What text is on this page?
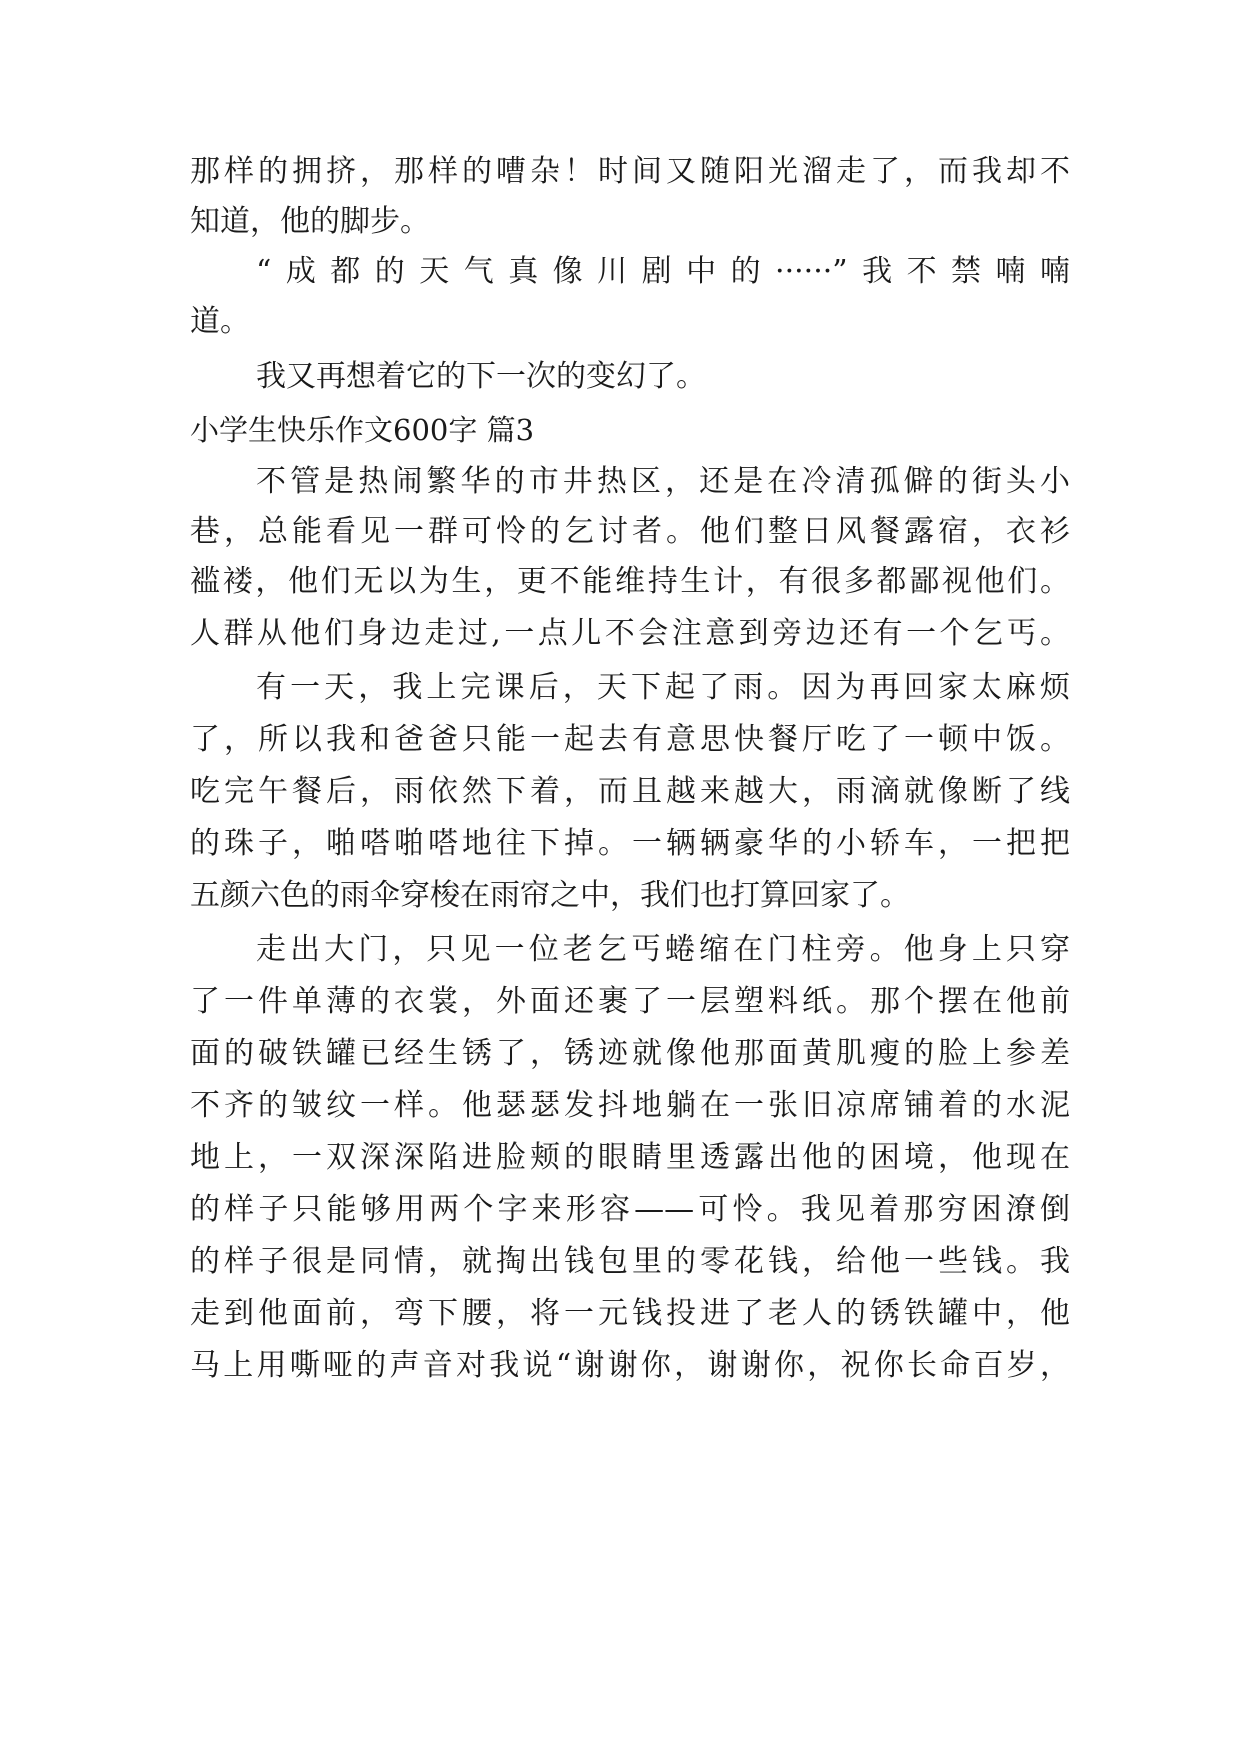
那样的拥挤，那样的嘈杂！时间又随阳光溜走了，而我却不
知道，他的脚步。
“成都的天气真像川剧中的······”我不禁喃喃
道。
我又再想着它的下一次的变幻了。
小学生快乐作文600字 篇3
不管是热闹繁华的市井热区，还是在冷清孤僻的街头小
巷，总能看见一群可怜的乞讨者。他们整日风餐露宿，衣衫
褴褛，他们无以为生，更不能维持生计，有很多都鄙视他们。
人群从他们身边走过,一点儿不会注意到旁边还有一个乞丐。
有一天，我上完课后，天下起了雨。因为再回家太麻烦
了，所以我和爸爸只能一起去有意思快餐厅吃了一顿中饭。
吃完午餐后，雨依然下着，而且越来越大，雨滴就像断了线
的珠子，啪嗒啪嗒地往下掉。一辆辆豪华的小轿车，一把把
五颜六色的雨伞穿梭在雨帘之中，我们也打算回家了。
走出大门，只见一位老乞丐蜷缩在门柱旁。他身上只穿
了一件单薄的衣裳，外面还裹了一层塑料纸。那个摆在他前
面的破铁罐已经生锈了，锈迹就像他那面黄肌瘦的脸上参差
不齐的皱纹一样。他瑟瑟发抖地躺在一张旧凉席铺着的水泥
地上，一双深深陷进脸颊的眼睛里透露出他的困境，他现在
的样子只能够用两个字来形容——可怜。我见着那穷困潦倒
的样子很是同情，就掏出钱包里的零花钱，给他一些钱。我
走到他面前，弯下腰，将一元钱投进了老人的锈铁罐中，他
马上用嘶哑的声音对我说“谢谢你，谢谢你，祝你长命百岁，
